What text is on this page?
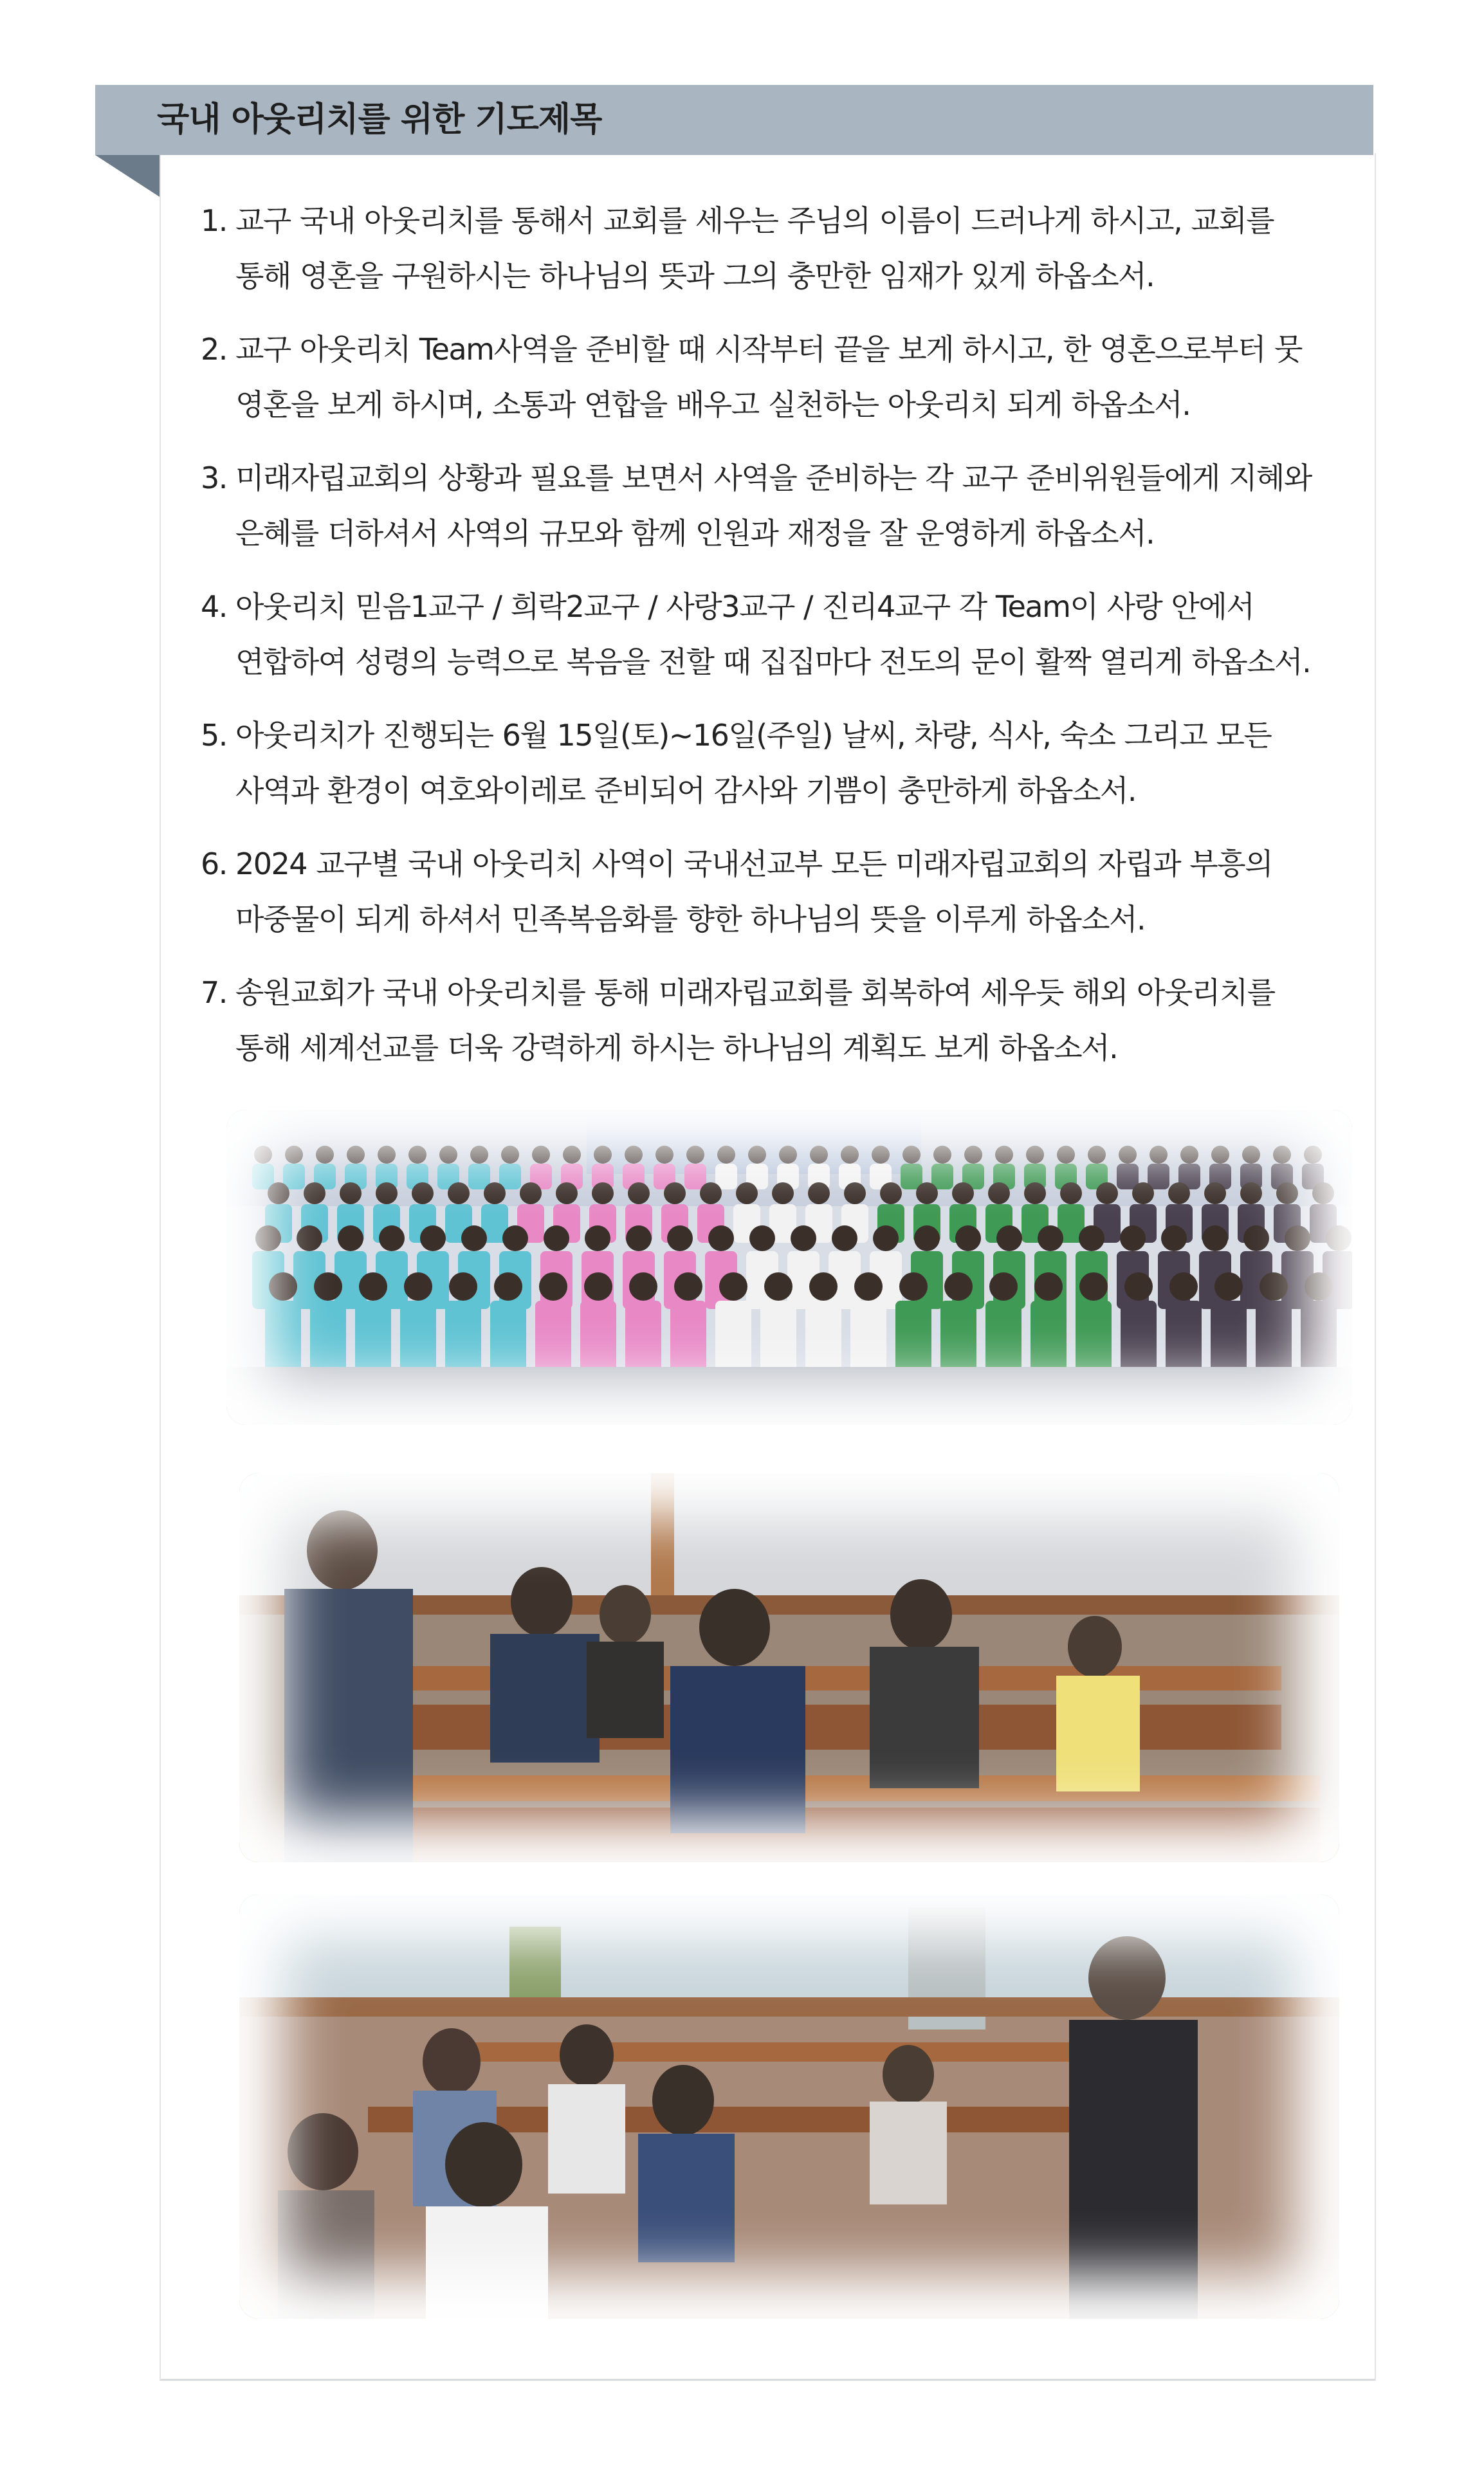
국내 아웃리치를 위한 기도제목
1. 교구 국내 아웃리치를 통해서 교회를 세우는 주님의 이름이 드러나게 하시고, 교회를
통해 영혼을 구원하시는 하나님의 뜻과 그의 충만한 임재가 있게 하옵소서.
2. 교구 아웃리치 Team사역을 준비할 때 시작부터 끝을 보게 하시고, 한 영혼으로부터 뭇
영혼을 보게 하시며, 소통과 연합을 배우고 실천하는 아웃리치 되게 하옵소서.
3. 미래자립교회의 상황과 필요를 보면서 사역을 준비하는 각 교구 준비위원들에게 지혜와
은혜를 더하셔서 사역의 규모와 함께 인원과 재정을 잘 운영하게 하옵소서.
4. 아웃리치 믿음1교구 / 희락2교구 / 사랑3교구 / 진리4교구 각 Team이 사랑 안에서
연합하여 성령의 능력으로 복음을 전할 때 집집마다 전도의 문이 활짝 열리게 하옵소서.
5. 아웃리치가 진행되는 6월 15일(토)~16일(주일) 날씨, 차량, 식사, 숙소 그리고 모든
사역과 환경이 여호와이레로 준비되어 감사와 기쁨이 충만하게 하옵소서.
6. 2024 교구별 국내 아웃리치 사역이 국내선교부 모든 미래자립교회의 자립과 부흥의
마중물이 되게 하셔서 민족복음화를 향한 하나님의 뜻을 이루게 하옵소서.
7. 송원교회가 국내 아웃리치를 통해 미래자립교회를 회복하여 세우듯 해외 아웃리치를
통해 세계선교를 더욱 강력하게 하시는 하나님의 계획도 보게 하옵소서.
